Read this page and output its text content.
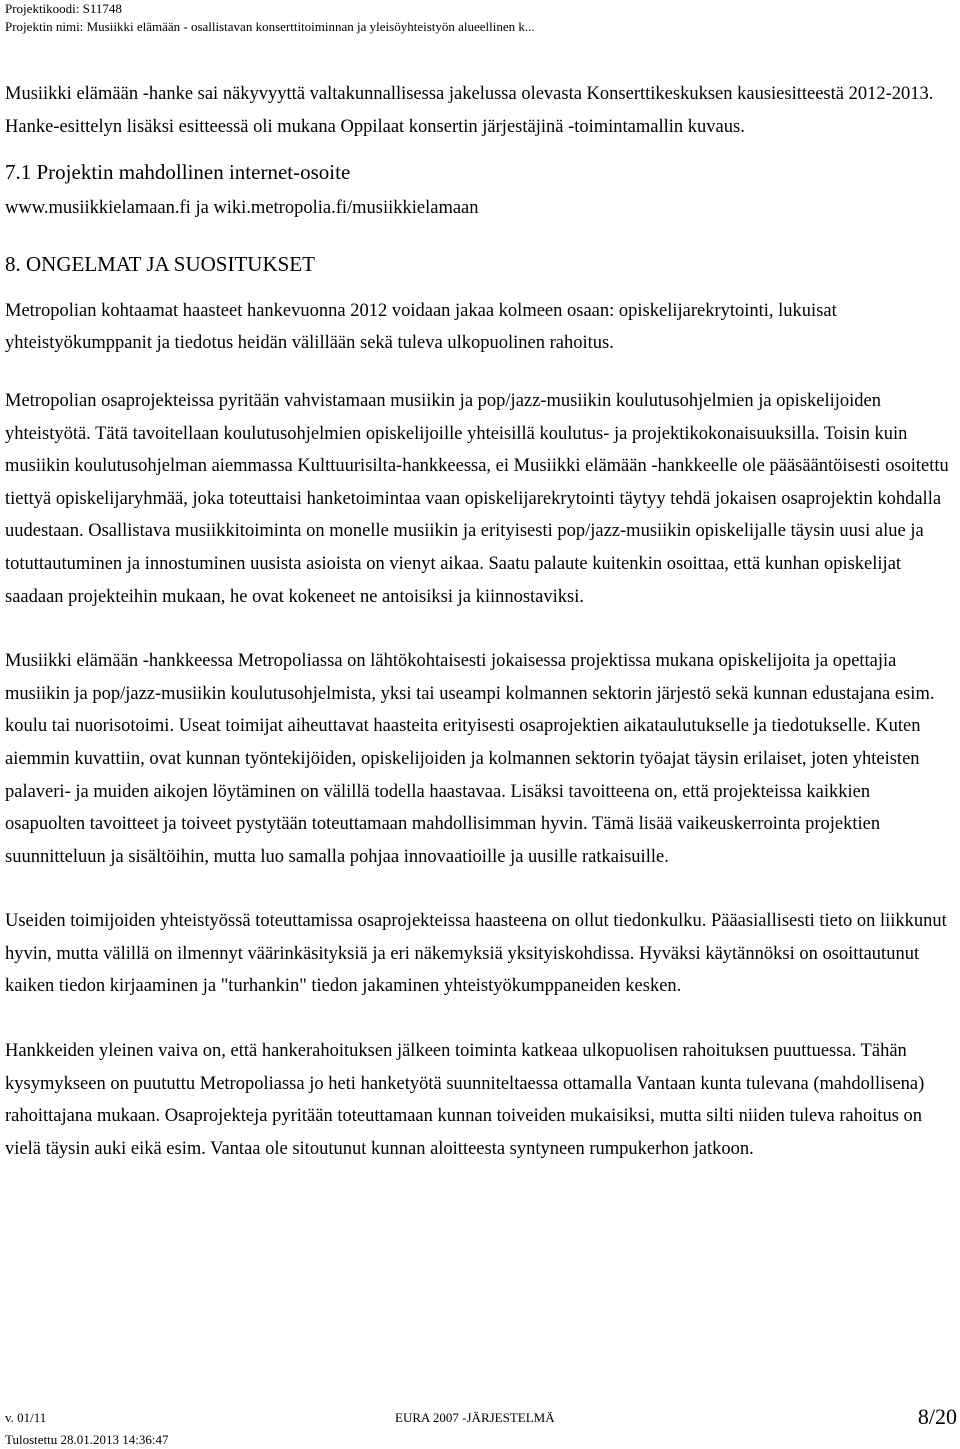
Projektikoodi: S11748
Projektin nimi: Musiikki elämään - osallistavan konserttitoiminnan ja yleisöyhteistyön alueellinen k...

Musiikki elämään -hanke sai näkyvyyttä valtakunnallisessa jakelussa olevasta Konserttikeskuksen kausiesitteestä 2012-2013. Hanke-esittelyn lisäksi esitteessä oli mukana Oppilaat konsertin järjestäjinä -toimintamallin kuvaus.

7.1 Projektin mahdollinen internet-osoite

www.musiikkielamaan.fi ja wiki.metropolia.fi/musiikkielamaan

8. ONGELMAT JA SUOSITUKSET

Metropolian kohtaamat haasteet hankevuonna 2012 voidaan jakaa kolmeen osaan: opiskelijarekrytointi, lukuisat yhteistyökumppanit ja tiedotus heidän välillään sekä tuleva ulkopuolinen rahoitus.

Metropolian osaprojekteissa pyritään vahvistamaan musiikin ja pop/jazz-musiikin koulutusohjelmien ja opiskelijoiden yhteistyötä. Tätä tavoitellaan koulutusohjelmien opiskelijoille yhteisillä koulutus- ja projektikokonaisuuksilla. Toisin kuin musiikin koulutusohjelman aiemmassa Kulttuurisilta-hankkeessa, ei Musiikki elämään -hankkeelle ole pääsääntöisesti osoitettu tiettyä opiskelijaryhmää, joka toteuttaisi hanketoimintaa vaan opiskelijarekrytointi täytyy tehdä jokaisen osaprojektin kohdalla uudestaan. Osallistava musiikkitoiminta on monelle musiikin ja erityisesti pop/jazz-musiikin opiskelijalle täysin uusi alue ja totuttautuminen ja innostuminen uusista asioista on vienyt aikaa. Saatu palaute kuitenkin osoittaa, että kunhan opiskelijat saadaan projekteihin mukaan, he ovat kokeneet ne antoisiksi ja kiinnostaviksi.

Musiikki elämään -hankkeessa Metropoliassa on lähtökohtaisesti jokaisessa projektissa mukana opiskelijoita ja opettajia musiikin ja pop/jazz-musiikin koulutusohjelmista, yksi tai useampi kolmannen sektorin järjestö sekä kunnan edustajana esim. koulu tai nuorisotoimi. Useat toimijat aiheuttavat haasteita erityisesti osaprojektien aikataulutukselle ja tiedotukselle. Kuten aiemmin kuvattiin, ovat kunnan työntekijöiden, opiskelijoiden ja kolmannen sektorin työajat täysin erilaiset, joten yhteisten palaveri- ja muiden aikojen löytäminen on välillä todella haastavaa. Lisäksi tavoitteena on, että projekteissa kaikkien osapuolten tavoitteet ja toiveet pystytään toteuttamaan mahdollisimman hyvin. Tämä lisää vaikeuskerrointa projektien suunnitteluun ja sisältöihin, mutta luo samalla pohjaa innovaatioille ja uusille ratkaisuille.

Useiden toimijoiden yhteistyössä toteuttamissa osaprojekteissa haasteena on ollut tiedonkulku. Pääasiallisesti tieto on liikkunut hyvin, mutta välillä on ilmennyt väärinkäsityksiä ja eri näkemyksiä yksityiskohdissa. Hyväksi käytännöksi on osoittautunut kaiken tiedon kirjaaminen ja "turhankin" tiedon jakaminen yhteistyökumppaneiden kesken.

Hankkeiden yleinen vaiva on, että hankerahoituksen jälkeen toiminta katkeaa ulkopuolisen rahoituksen puuttuessa. Tähän kysymykseen on puututtu Metropoliassa jo heti hanketyötä suunniteltaessa ottamalla Vantaan kunta tulevana (mahdollisena) rahoittajana mukaan. Osaprojekteja pyritään toteuttamaan kunnan toiveiden mukaisiksi, mutta silti niiden tuleva rahoitus on vielä täysin auki eikä esim. Vantaa ole sitoutunut kunnan aloitteesta syntyneen rumpukerhon jatkoon.

v. 01/11	EURA 2007 -JÄRJESTELMÄ	8/20
Tulostettu 28.01.2013 14:36:47
